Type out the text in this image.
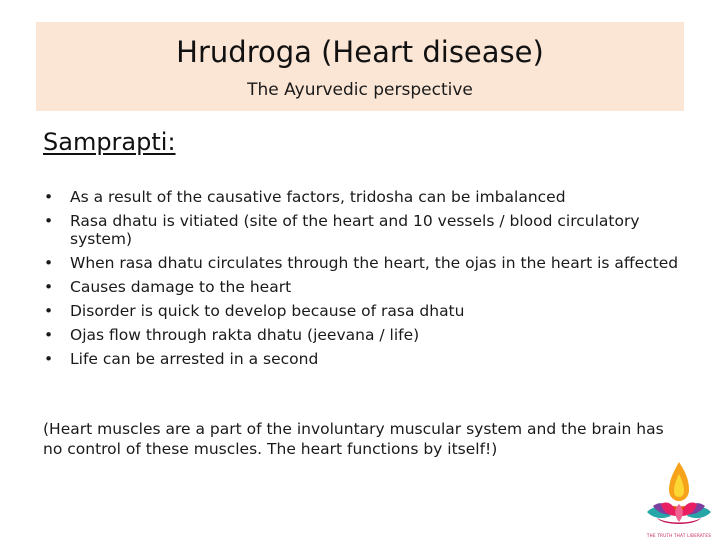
Hrudroga (Heart disease)
The Ayurvedic perspective
Samprapti:
• As a result of the causative factors, tridosha can be imbalanced
• Rasa dhatu is vitiated (site of the heart and 10 vessels / blood circulatory system)
• When rasa dhatu circulates through the heart, the ojas in the heart is affected
• Causes damage to the heart
• Disorder is quick to develop because of rasa dhatu
• Ojas flow through rakta dhatu (jeevana / life)
• Life can be arrested in a second
(Heart muscles are a part of the involuntary muscular system and the brain has no control of these muscles. The heart functions by itself!)
THE TRUTH THAT LIBERATES
